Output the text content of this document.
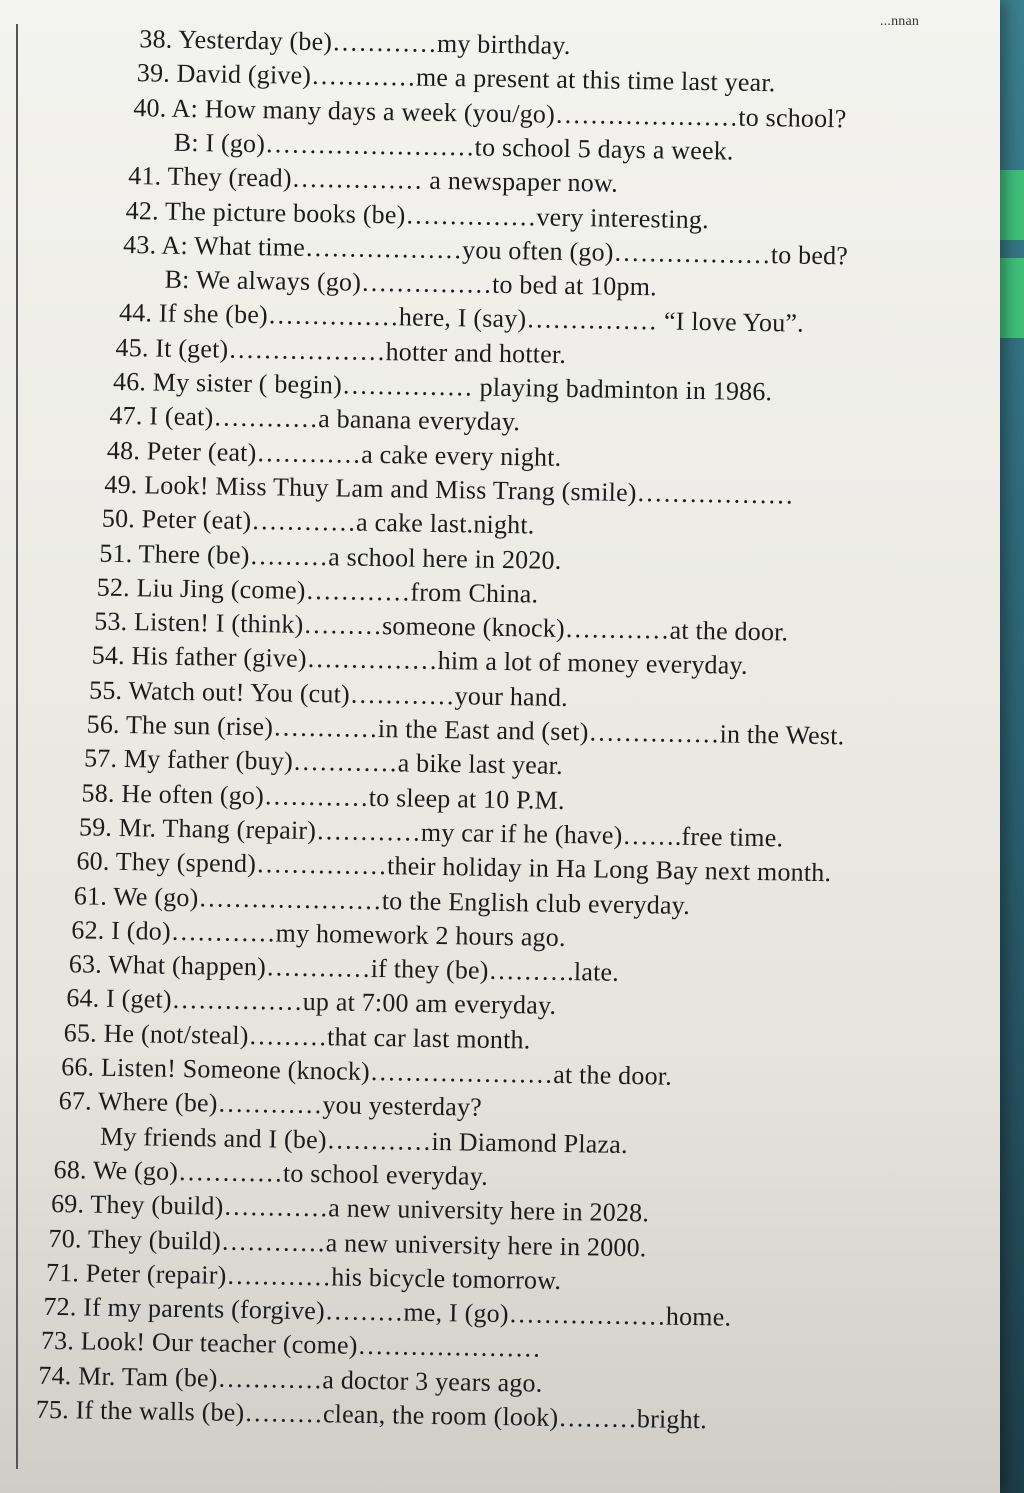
...nnan
38. Yesterday (be)…………my birthday.
39. David (give)…………me a present at this time last year.
40. A: How many days a week (you/go)…………………to school?
B: I (go)……………………to school 5 days a week.
41. They (read)…………… a newspaper now.
42. The picture books (be)……………very interesting.
43. A: What time………………you often (go)………………to bed?
B: We always (go)……………to bed at 10pm.
44. If she (be)……………here, I (say)…………… “I love You”.
45. It (get)………………hotter and hotter.
46. My sister ( begin)…………… playing badminton in 1986.
47. I (eat)…………a banana everyday.
48. Peter (eat)…………a cake every night.
49. Look! Miss Thuy Lam and Miss Trang (smile)………………
50. Peter (eat)…………a cake last.night.
51. There (be)………a school here in 2020.
52. Liu Jing (come)…………from China.
53. Listen! I (think)………someone (knock)…………at the door.
54. His father (give)……………him a lot of money everyday.
55. Watch out! You (cut)…………your hand.
56. The sun (rise)…………in the East and (set)……………in the West.
57. My father (buy)…………a bike last year.
58. He often (go)…………to sleep at 10 P.M.
59. Mr. Thang (repair)…………my car if he (have)…….free time.
60. They (spend)……………their holiday in Ha Long Bay next month.
61. We (go)…………………to the English club everyday.
62. I (do)…………my homework 2 hours ago.
63. What (happen)…………if they (be)……….late.
64. I (get)……………up at 7:00 am everyday.
65. He (not/steal)………that car last month.
66. Listen! Someone (knock)…………………at the door.
67. Where (be)…………you yesterday?
My friends and I (be)…………in Diamond Plaza.
68. We (go)…………to school everyday.
69. They (build)…………a new university here in 2028.
70. They (build)…………a new university here in 2000.
71. Peter (repair)…………his bicycle tomorrow.
72. If my parents (forgive)………me, I (go)………………home.
73. Look! Our teacher (come)…………………
74. Mr. Tam (be)…………a doctor 3 years ago.
75. If the walls (be)………clean, the room (look)………bright.
